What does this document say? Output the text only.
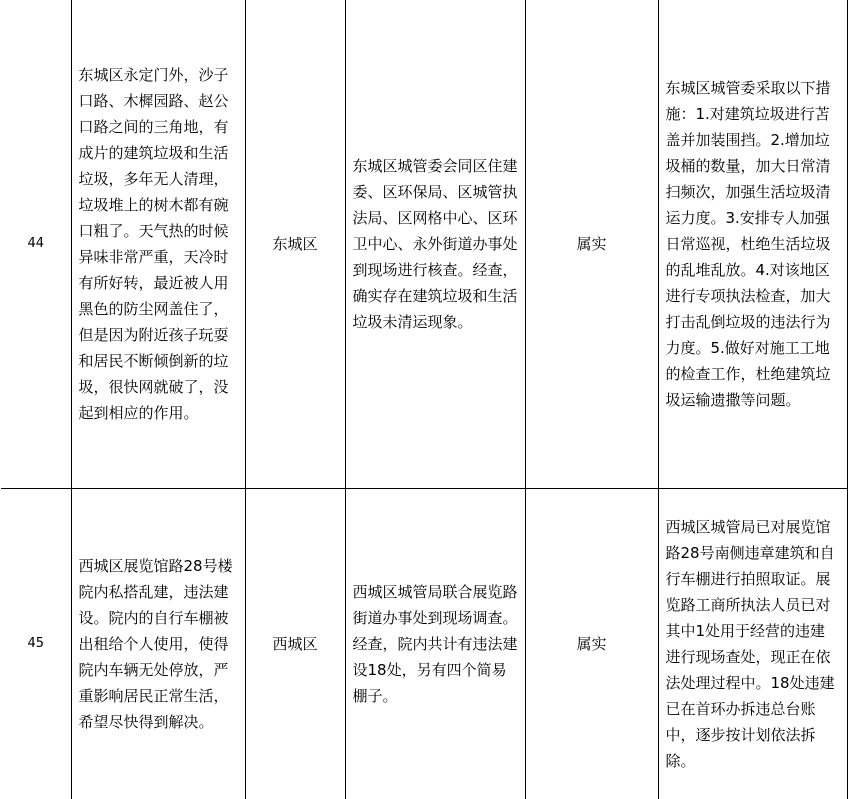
44	东城区永定门外，沙子口路、木樨园路、赵公口路之间的三角地，有成片的建筑垃圾和生活垃圾，多年无人清理，垃圾堆上的树木都有碗口粗了。天气热的时候异味非常严重，天冷时有所好转，最近被人用黑色的防尘网盖住了，但是因为附近孩子玩耍和居民不断倾倒新的垃圾，很快网就破了，没起到相应的作用。	东城区	东城区城管委会同区住建委、区环保局、区城管执法局、区网格中心、区环卫中心、永外街道办事处到现场进行核查。经查，确实存在建筑垃圾和生活垃圾未清运现象。	属实	东城区城管委采取以下措施：1.对建筑垃圾进行苫盖并加装围挡。2.增加垃圾桶的数量，加大日常清扫频次，加强生活垃圾清运力度。3.安排专人加强日常巡视，杜绝生活垃圾的乱堆乱放。4.对该地区进行专项执法检查，加大打击乱倒垃圾的违法行为力度。5.做好对施工工地的检查工作，杜绝建筑垃圾运输遗撒等问题。

45	西城区展览馆路28号楼院内私搭乱建，违法建设。院内的自行车棚被出租给个人使用，使得院内车辆无处停放，严重影响居民正常生活，希望尽快得到解决。	西城区	西城区城管局联合展览路街道办事处到现场调查。经查，院内共计有违法建设18处，另有四个简易棚子。	属实	西城区城管局已对展览馆路28号南侧违章建筑和自行车棚进行拍照取证。展览路工商所执法人员已对其中1处用于经营的违建进行现场查处，现正在依法处理过程中。18处违建已在首环办拆违总台账中，逐步按计划依法拆除。
